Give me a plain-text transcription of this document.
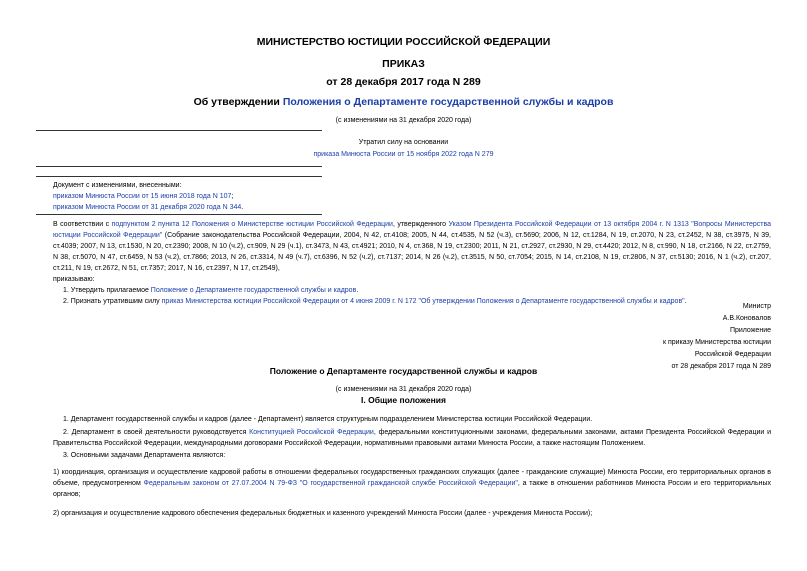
МИНИСТЕРСТВО ЮСТИЦИИ РОССИЙСКОЙ ФЕДЕРАЦИИ
ПРИКАЗ
от 28 декабря 2017 года N 289
Об утверждении Положения о Департаменте государственной службы и кадров
(с изменениями на 31 декабря 2020 года)
Утратил силу на основании
приказа Минюста России от 15 ноября 2022 года N 279
Документ с изменениями, внесенными:
приказом Минюста России от 15 июня 2018 года N 107;
приказом Минюста России от 31 декабря 2020 года N 344.
В соответствии с подпунктом 2 пункта 12 Положения о Министерстве юстиции Российской Федерации, утвержденного Указом Президента Российской Федерации от 13 октября 2004 г. N 1313 "Вопросы Министерства юстиции Российской Федерации" (Собрание законодательства Российской Федерации, 2004, N 42, ст.4108; 2005, N 44, ст.4535, N 52 (ч.3), ст.5690; 2006, N 12, ст.1284, N 19, ст.2070, N 23, ст.2452, N 38, ст.3975, N 39, ст.4039; 2007, N 13, ст.1530, N 20, ст.2390; 2008, N 10 (ч.2), ст.909, N 29 (ч.1), ст.3473, N 43, ст.4921; 2010, N 4, ст.368, N 19, ст.2300; 2011, N 21, ст.2927, ст.2930, N 29, ст.4420; 2012, N 8, ст.990, N 18, ст.2166, N 22, ст.2759, N 38, ст.5070, N 47, ст.6459, N 53 (ч.2), ст.7866; 2013, N 26, ст.3314, N 49 (ч.7), ст.6396, N 52 (ч.2), ст.7137; 2014, N 26 (ч.2), ст.3515, N 50, ст.7054; 2015, N 14, ст.2108, N 19, ст.2806, N 37, ст.5130; 2016, N 1 (ч.2), ст.207, ст.211, N 19, ст.2672, N 51, ст.7357; 2017, N 16, ст.2397, N 17, ст.2549),
приказываю:
1. Утвердить прилагаемое Положение о Департаменте государственной службы и кадров.
2. Признать утратившим силу приказ Министерства юстиции Российской Федерации от 4 июня 2009 г. N 172 "Об утверждении Положения о Департаменте государственной службы и кадров".
Министр
А.В.Коновалов
Приложение
к приказу Министерства юстиции
Российской Федерации
от 28 декабря 2017 года N 289
Положение о Департаменте государственной службы и кадров
(с изменениями на 31 декабря 2020 года)
I. Общие положения
1. Департамент государственной службы и кадров (далее - Департамент) является структурным подразделением Министерства юстиции Российской Федерации.
2. Департамент в своей деятельности руководствуется Конституцией Российской Федерации, федеральными конституционными законами, федеральными законами, актами Президента Российской Федерации и Правительства Российской Федерации, международными договорами Российской Федерации, нормативными правовыми актами Минюста России, а также настоящим Положением.
3. Основными задачами Департамента являются:
1) координация, организация и осуществление кадровой работы в отношении федеральных государственных гражданских служащих (далее - гражданские служащие) Минюста России, его территориальных органов в объеме, предусмотренном Федеральным законом от 27.07.2004 N 79-ФЗ "О государственной гражданской службе Российской Федерации", а также в отношении работников Минюста России и его территориальных органов;
2) организация и осуществление кадрового обеспечения федеральных бюджетных и казенного учреждений Минюста России (далее - учреждения Минюста России);
